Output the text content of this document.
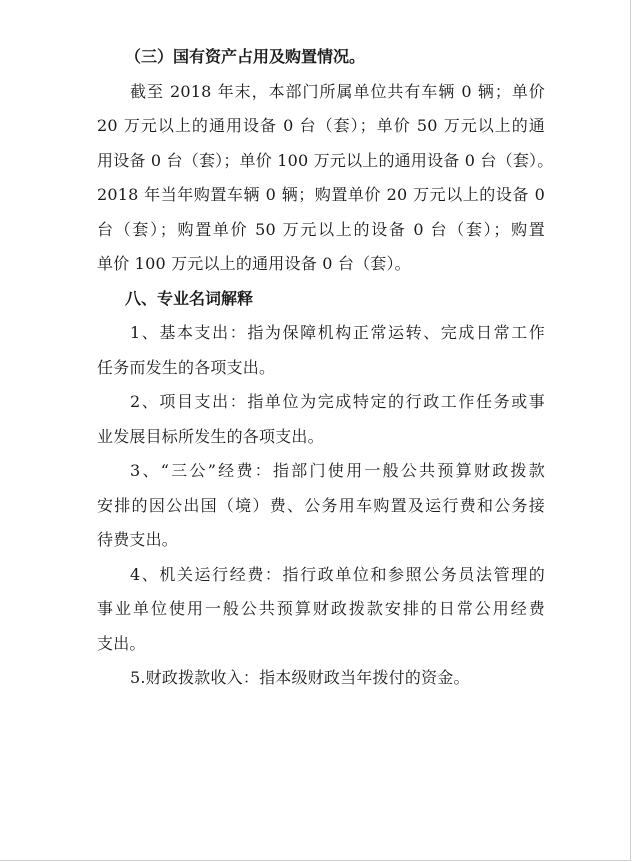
（三）国有资产占用及购置情况。
截至 2018 年末，本部门所属单位共有车辆 0 辆；单价
20 万元以上的通用设备 0 台（套）；单价 50 万元以上的通
用设备 0 台（套）；单价 100 万元以上的通用设备 0 台（套）。
2018 年当年购置车辆 0 辆；购置单价 20 万元以上的设备 0
台（套）；购置单价 50 万元以上的设备 0 台（套）；购置
单价 100 万元以上的通用设备 0 台（套）。
八、专业名词解释
1、基本支出：指为保障机构正常运转、完成日常工作
任务而发生的各项支出。
2、项目支出：指单位为完成特定的行政工作任务或事
业发展目标所发生的各项支出。
3、“三公”经费：指部门使用一般公共预算财政拨款
安排的因公出国（境）费、公务用车购置及运行费和公务接
待费支出。
4、机关运行经费：指行政单位和参照公务员法管理的
事业单位使用一般公共预算财政拨款安排的日常公用经费
支出。
5.财政拨款收入：指本级财政当年拨付的资金。
